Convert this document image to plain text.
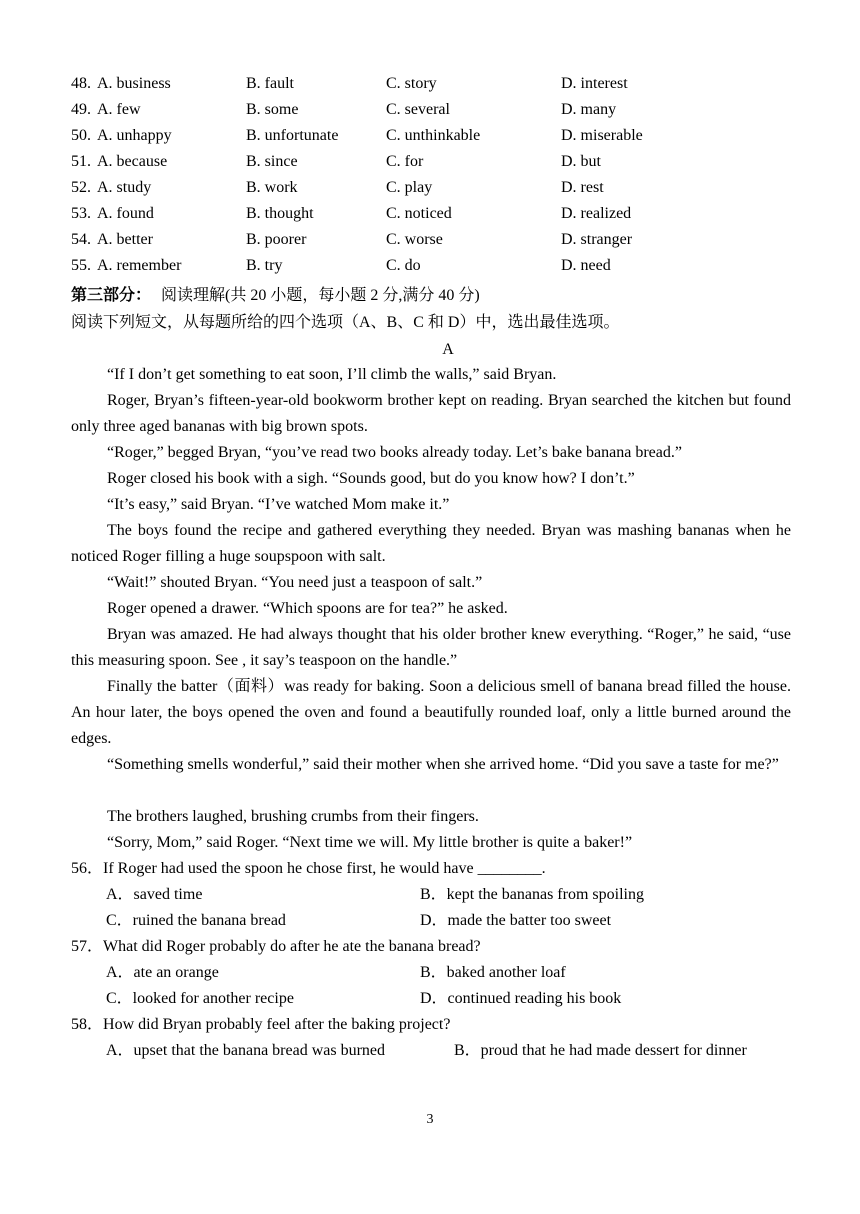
48. A. business	B. fault	C. story	D. interest
49. A. few	B. some	C. several	D. many
50. A. unhappy	B. unfortunate	C. unthinkable	D. miserable
51. A. because	B. since	C. for	D. but
52. A. study	B. work	C. play	D. rest
53. A. found	B. thought	C. noticed	D. realized
54. A. better	B. poorer	C. worse	D. stranger
55. A. remember	B. try	C. do	D. need
第三部分： 阅读理解(共 20 小题，每小题 2 分,满分 40 分)
阅读下列短文，从每题所给的四个选项（A、B、C 和 D）中，选出最佳选项。
A
“If I don’t get something to eat soon, I’ll climb the walls,” said Bryan.
Roger, Bryan’s fifteen-year-old bookworm brother kept on reading. Bryan searched the kitchen but found only three aged bananas with big brown spots.
“Roger,” begged Bryan, “you’ve read two books already today. Let’s bake banana bread.”
Roger closed his book with a sigh. “Sounds good, but do you know how? I don’t.”
“It’s easy,” said Bryan. “I’ve watched Mom make it.”
The boys found the recipe and gathered everything they needed. Bryan was mashing bananas when he noticed Roger filling a huge soupspoon with salt.
“Wait!” shouted Bryan. “You need just a teaspoon of salt.”
Roger opened a drawer. “Which spoons are for tea?” he asked.
Bryan was amazed. He had always thought that his older brother knew everything. “Roger,” he said, “use this measuring spoon. See , it say’s teaspoon on the handle.”
Finally the batter（面料）was ready for baking. Soon a delicious smell of banana bread filled the house. An hour later, the boys opened the oven and found a beautifully rounded loaf, only a little burned around the edges.
“Something smells wonderful,” said their mother when she arrived home. “Did you save a taste for me?”
The brothers laughed, brushing crumbs from their fingers.
“Sorry, Mom,” said Roger. “Next time we will. My little brother is quite a baker!”
56．If Roger had used the spoon he chose first, he would have ________.
A．saved time	B．kept the bananas from spoiling
C．ruined the banana bread	D．made the batter too sweet
57．What did Roger probably do after he ate the banana bread?
A．ate an orange	B．baked another loaf
C．looked for another recipe	D．continued reading his book
58．How did Bryan probably feel after the baking project?
A．upset that the banana bread was burned	B．proud that he had made dessert for dinner
3
